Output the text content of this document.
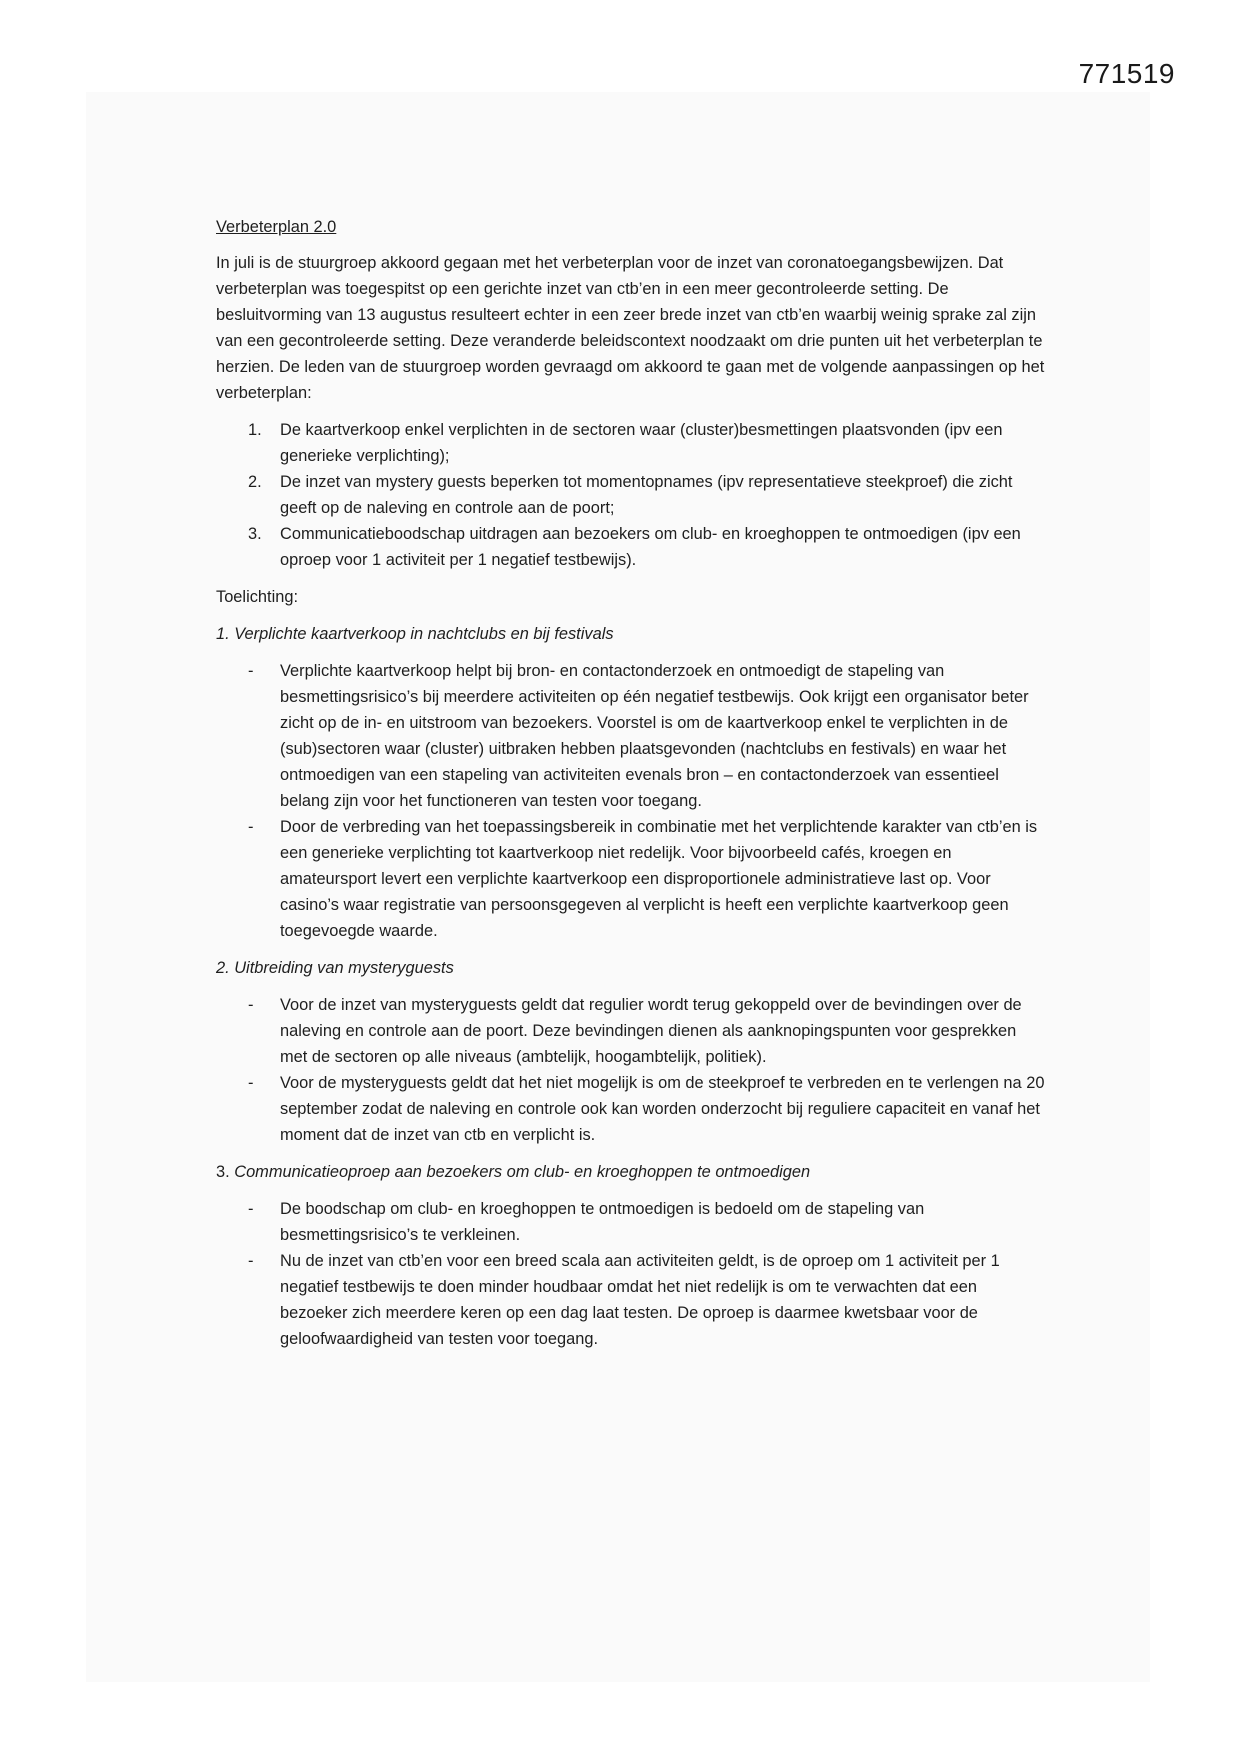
771519

Verbeterplan 2.0

In juli is de stuurgroep akkoord gegaan met het verbeterplan voor de inzet van coronatoegangsbewijzen. Dat verbeterplan was toegespitst op een gerichte inzet van ctb’en in een meer gecontroleerde setting. De besluitvorming van 13 augustus resulteert echter in een zeer brede inzet van ctb’en waarbij weinig sprake zal zijn van een gecontroleerde setting. Deze veranderde beleidscontext noodzaakt om drie punten uit het verbeterplan te herzien. De leden van de stuurgroep worden gevraagd om akkoord te gaan met de volgende aanpassingen op het verbeterplan:

1. De kaartverkoop enkel verplichten in de sectoren waar (cluster)besmettingen plaatsvonden (ipv een generieke verplichting);
2. De inzet van mystery guests beperken tot momentopnames (ipv representatieve steekproef) die zicht geeft op de naleving en controle aan de poort;
3. Communicatieboodschap uitdragen aan bezoekers om club- en kroeghoppen te ontmoedigen (ipv een oproep voor 1 activiteit per 1 negatief testbewijs).

Toelichting:

1. Verplichte kaartverkoop in nachtclubs en bij festivals

- Verplichte kaartverkoop helpt bij bron- en contactonderzoek en ontmoedigt de stapeling van besmettingsrisico’s bij meerdere activiteiten op één negatief testbewijs. Ook krijgt een organisator beter zicht op de in- en uitstroom van bezoekers. Voorstel is om de kaartverkoop enkel te verplichten in de (sub)sectoren waar (cluster) uitbraken hebben plaatsgevonden (nachtclubs en festivals) en waar het ontmoedigen van een stapeling van activiteiten evenals bron – en contactonderzoek van essentieel belang zijn voor het functioneren van testen voor toegang.
- Door de verbreding van het toepassingsbereik in combinatie met het verplichtende karakter van ctb’en is een generieke verplichting tot kaartverkoop niet redelijk. Voor bijvoorbeeld cafés, kroegen en amateursport levert een verplichte kaartverkoop een disproportionele administratieve last op. Voor casino’s waar registratie van persoonsgegeven al verplicht is heeft een verplichte kaartverkoop geen toegevoegde waarde.

2. Uitbreiding van mysteryguests

- Voor de inzet van mysteryguests geldt dat regulier wordt terug gekoppeld over de bevindingen over de naleving en controle aan de poort. Deze bevindingen dienen als aanknopingspunten voor gesprekken met de sectoren op alle niveaus (ambtelijk, hoogambtelijk, politiek).
- Voor de mysteryguests geldt dat het niet mogelijk is om de steekproef te verbreden en te verlengen na 20 september zodat de naleving en controle ook kan worden onderzocht bij reguliere capaciteit en vanaf het moment dat de inzet van ctb en verplicht is.

3. Communicatieoproep aan bezoekers om club- en kroeghoppen te ontmoedigen

- De boodschap om club- en kroeghoppen te ontmoedigen is bedoeld om de stapeling van besmettingsrisico’s te verkleinen.
- Nu de inzet van ctb’en voor een breed scala aan activiteiten geldt, is de oproep om 1 activiteit per 1 negatief testbewijs te doen minder houdbaar omdat het niet redelijk is om te verwachten dat een bezoeker zich meerdere keren op een dag laat testen. De oproep is daarmee kwetsbaar voor de geloofwaardigheid van testen voor toegang.
